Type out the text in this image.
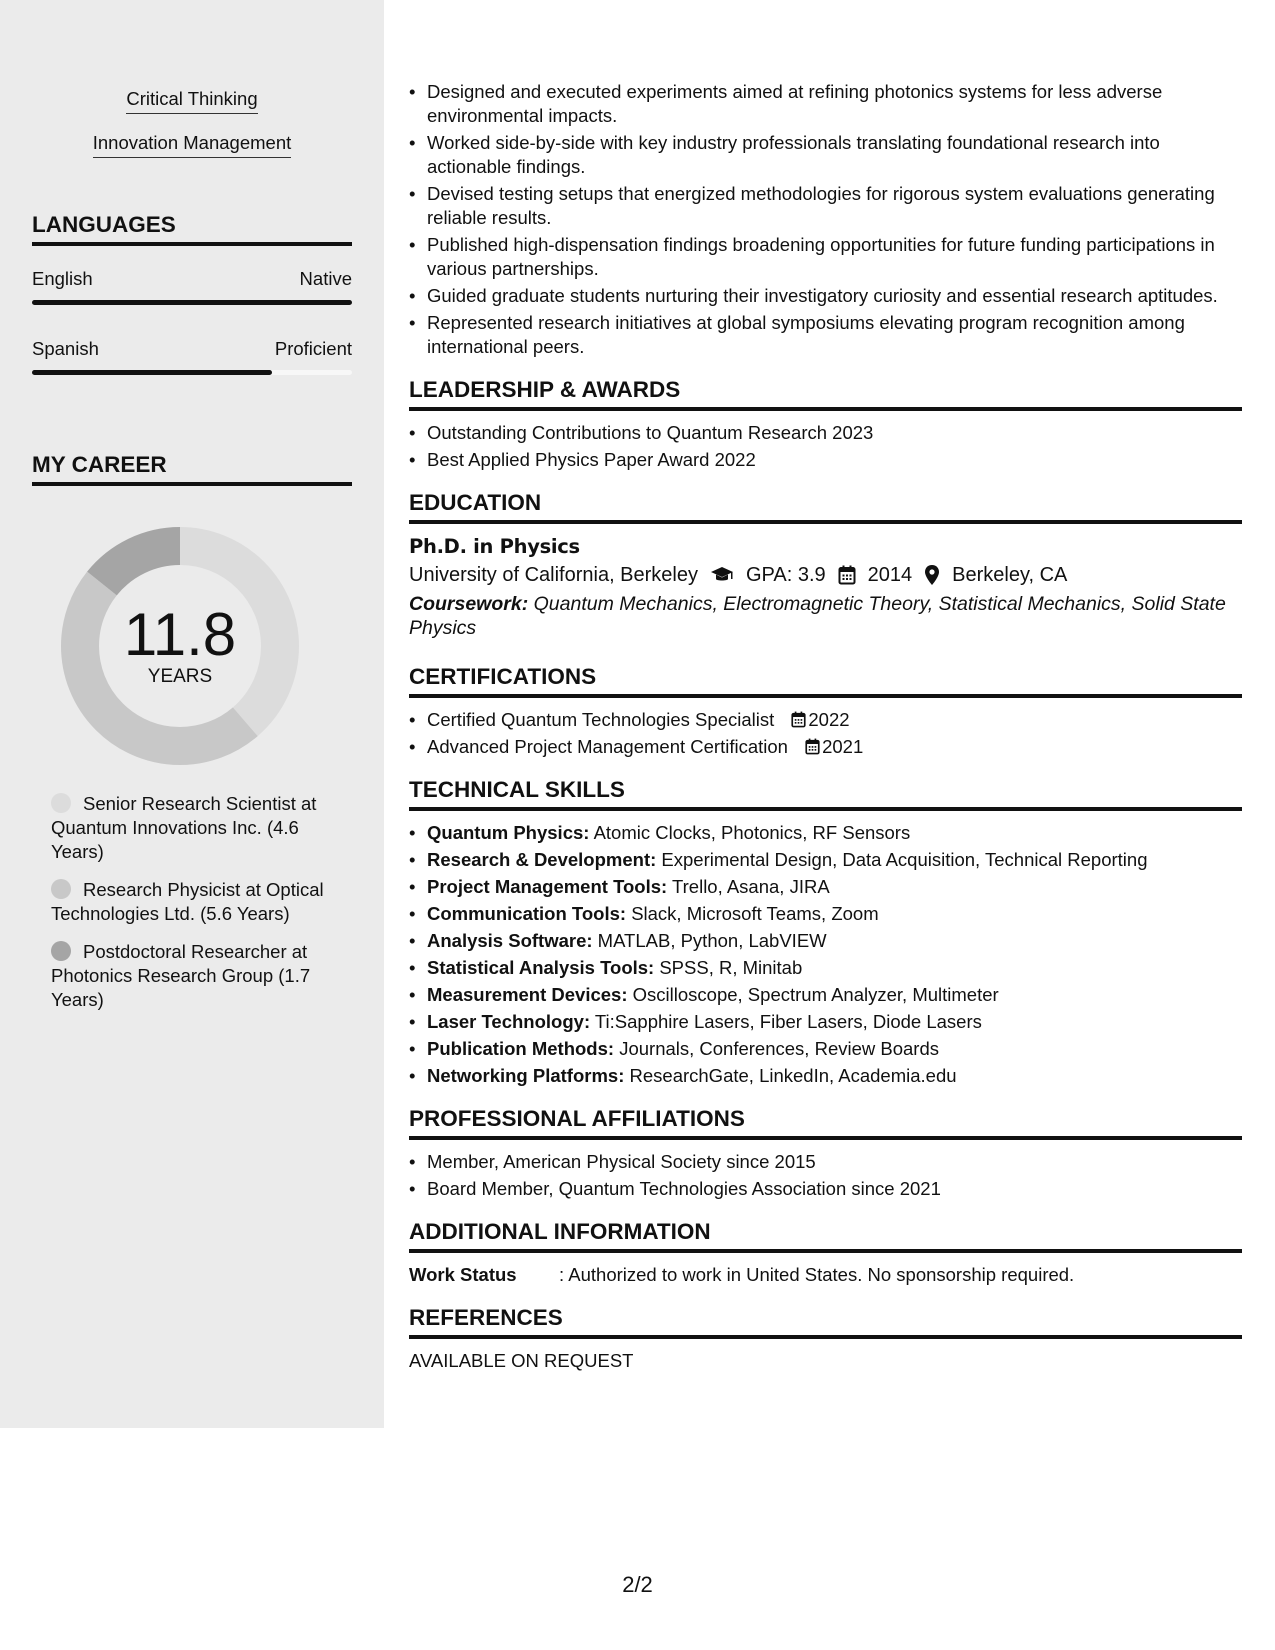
Critical Thinking
Innovation Management
LANGUAGES
English	Native
Spanish	Proficient
MY CAREER
11.8
YEARS
Senior Research Scientist at Quantum Innovations Inc. (4.6 Years)
Research Physicist at Optical Technologies Ltd. (5.6 Years)
Postdoctoral Researcher at Photonics Research Group (1.7 Years)
• Designed and executed experiments aimed at refining photonics systems for less adverse environmental impacts.
• Worked side-by-side with key industry professionals translating foundational research into actionable findings.
• Devised testing setups that energized methodologies for rigorous system evaluations generating reliable results.
• Published high-dispensation findings broadening opportunities for future funding participations in various partnerships.
• Guided graduate students nurturing their investigatory curiosity and essential research aptitudes.
• Represented research initiatives at global symposiums elevating program recognition among international peers.
LEADERSHIP & AWARDS
• Outstanding Contributions to Quantum Research 2023
• Best Applied Physics Paper Award 2022
EDUCATION
Ph.D. in Physics
University of California, Berkeley GPA: 3.9 2014 Berkeley, CA
Coursework: Quantum Mechanics, Electromagnetic Theory, Statistical Mechanics, Solid State Physics
CERTIFICATIONS
• Certified Quantum Technologies Specialist 2022
• Advanced Project Management Certification 2021
TECHNICAL SKILLS
• Quantum Physics: Atomic Clocks, Photonics, RF Sensors
• Research & Development: Experimental Design, Data Acquisition, Technical Reporting
• Project Management Tools: Trello, Asana, JIRA
• Communication Tools: Slack, Microsoft Teams, Zoom
• Analysis Software: MATLAB, Python, LabVIEW
• Statistical Analysis Tools: SPSS, R, Minitab
• Measurement Devices: Oscilloscope, Spectrum Analyzer, Multimeter
• Laser Technology: Ti:Sapphire Lasers, Fiber Lasers, Diode Lasers
• Publication Methods: Journals, Conferences, Review Boards
• Networking Platforms: ResearchGate, LinkedIn, Academia.edu
PROFESSIONAL AFFILIATIONS
• Member, American Physical Society since 2015
• Board Member, Quantum Technologies Association since 2021
ADDITIONAL INFORMATION
Work Status	: Authorized to work in United States. No sponsorship required.
REFERENCES
AVAILABLE ON REQUEST
2/2
